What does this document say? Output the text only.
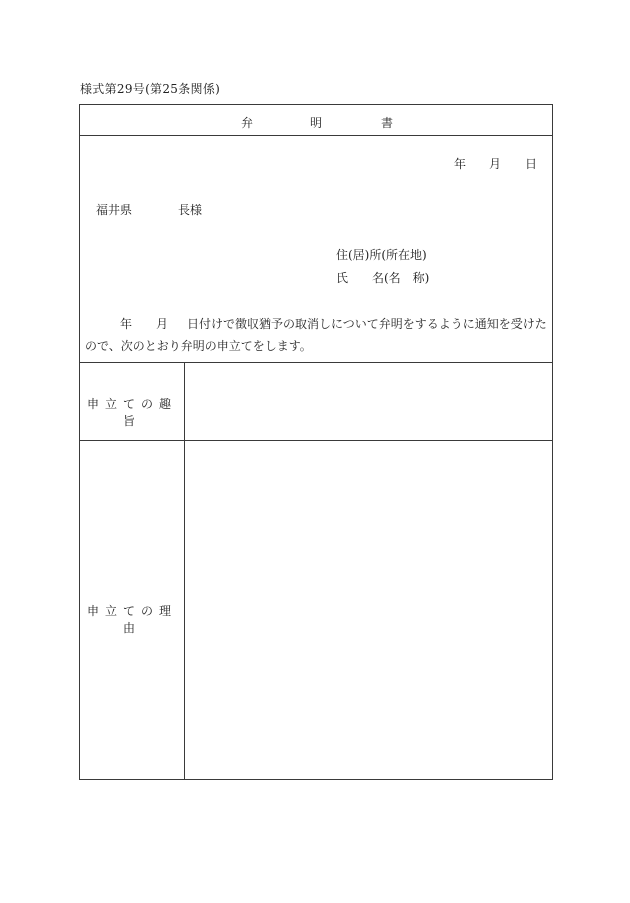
様式第29号(第25条関係)
弁	明	書
年 月 日
福井県	長様
住(居)所(所在地)
氏　　名(名　称)
年 月 日付けで徴収猶予の取消しについて弁明をするように通知を受けた
ので、次のとおり弁明の申立てをします。
申立ての趣旨
申立ての理由
